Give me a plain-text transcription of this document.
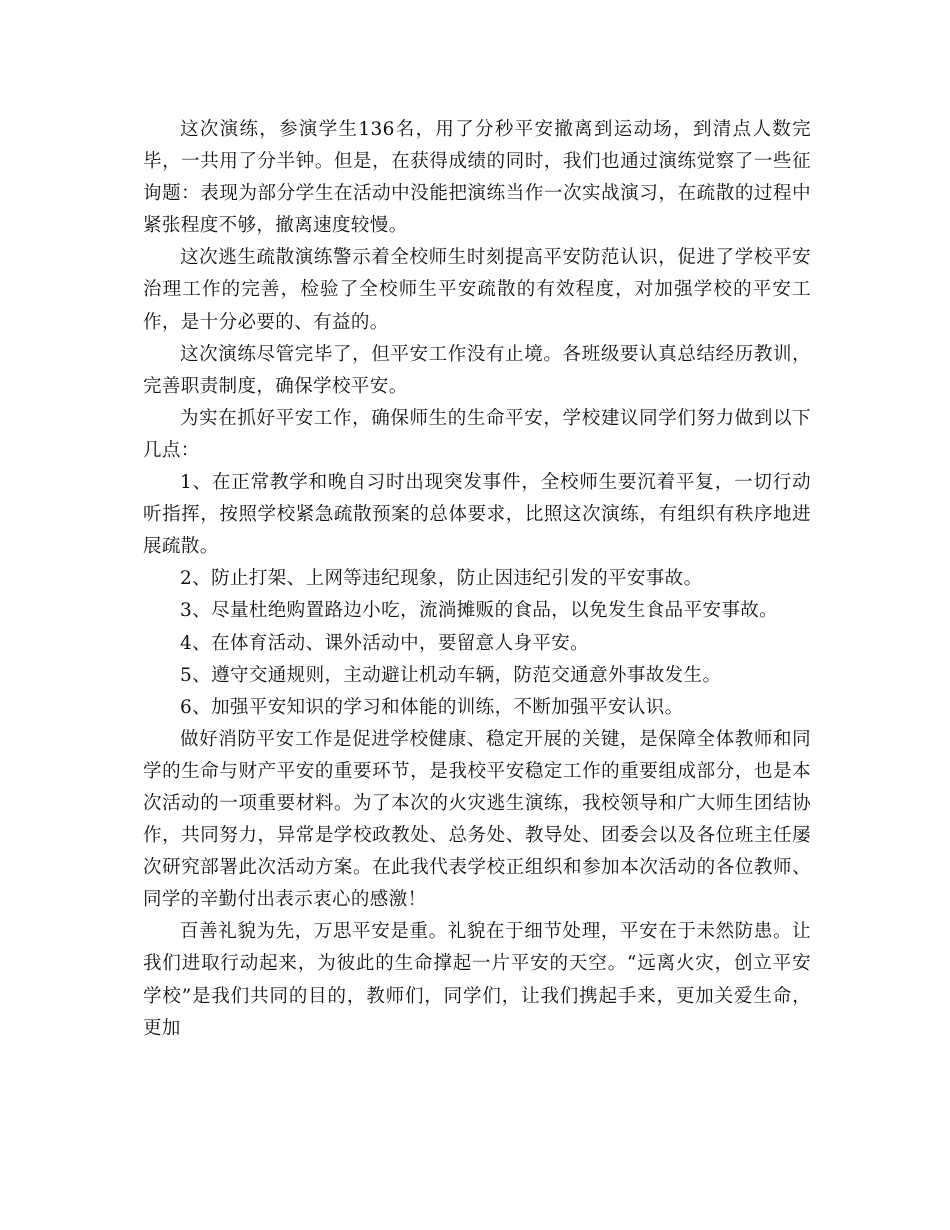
这次演练，参演学生136名，用了分秒平安撤离到运动场，到清点人数完毕，一共用了分半钟。但是，在获得成绩的同时，我们也通过演练觉察了一些征询题：表现为部分学生在活动中没能把演练当作一次实战演习，在疏散的过程中紧张程度不够，撤离速度较慢。

这次逃生疏散演练警示着全校师生时刻提高平安防范认识，促进了学校平安治理工作的完善，检验了全校师生平安疏散的有效程度，对加强学校的平安工作，是十分必要的、有益的。

这次演练尽管完毕了，但平安工作没有止境。各班级要认真总结经历教训，完善职责制度，确保学校平安。

为实在抓好平安工作，确保师生的生命平安，学校建议同学们努力做到以下几点：

1、在正常教学和晚自习时出现突发事件，全校师生要沉着平复，一切行动听指挥，按照学校紧急疏散预案的总体要求，比照这次演练，有组织有秩序地进展疏散。

2、防止打架、上网等违纪现象，防止因违纪引发的平安事故。

3、尽量杜绝购置路边小吃，流淌摊贩的食品，以免发生食品平安事故。

4、在体育活动、课外活动中，要留意人身平安。

5、遵守交通规则，主动避让机动车辆，防范交通意外事故发生。

6、加强平安知识的学习和体能的训练，不断加强平安认识。

做好消防平安工作是促进学校健康、稳定开展的关键，是保障全体教师和同学的生命与财产平安的重要环节，是我校平安稳定工作的重要组成部分，也是本次活动的一项重要材料。为了本次的火灾逃生演练，我校领导和广大师生团结协作，共同努力，异常是学校政教处、总务处、教导处、团委会以及各位班主任屡次研究部署此次活动方案。在此我代表学校正组织和参加本次活动的各位教师、同学的辛勤付出表示衷心的感激！

百善礼貌为先，万思平安是重。礼貌在于细节处理，平安在于未然防患。让我们进取行动起来，为彼此的生命撑起一片平安的天空。“远离火灾，创立平安学校”是我们共同的目的，教师们，同学们，让我们携起手来，更加关爱生命，更加
